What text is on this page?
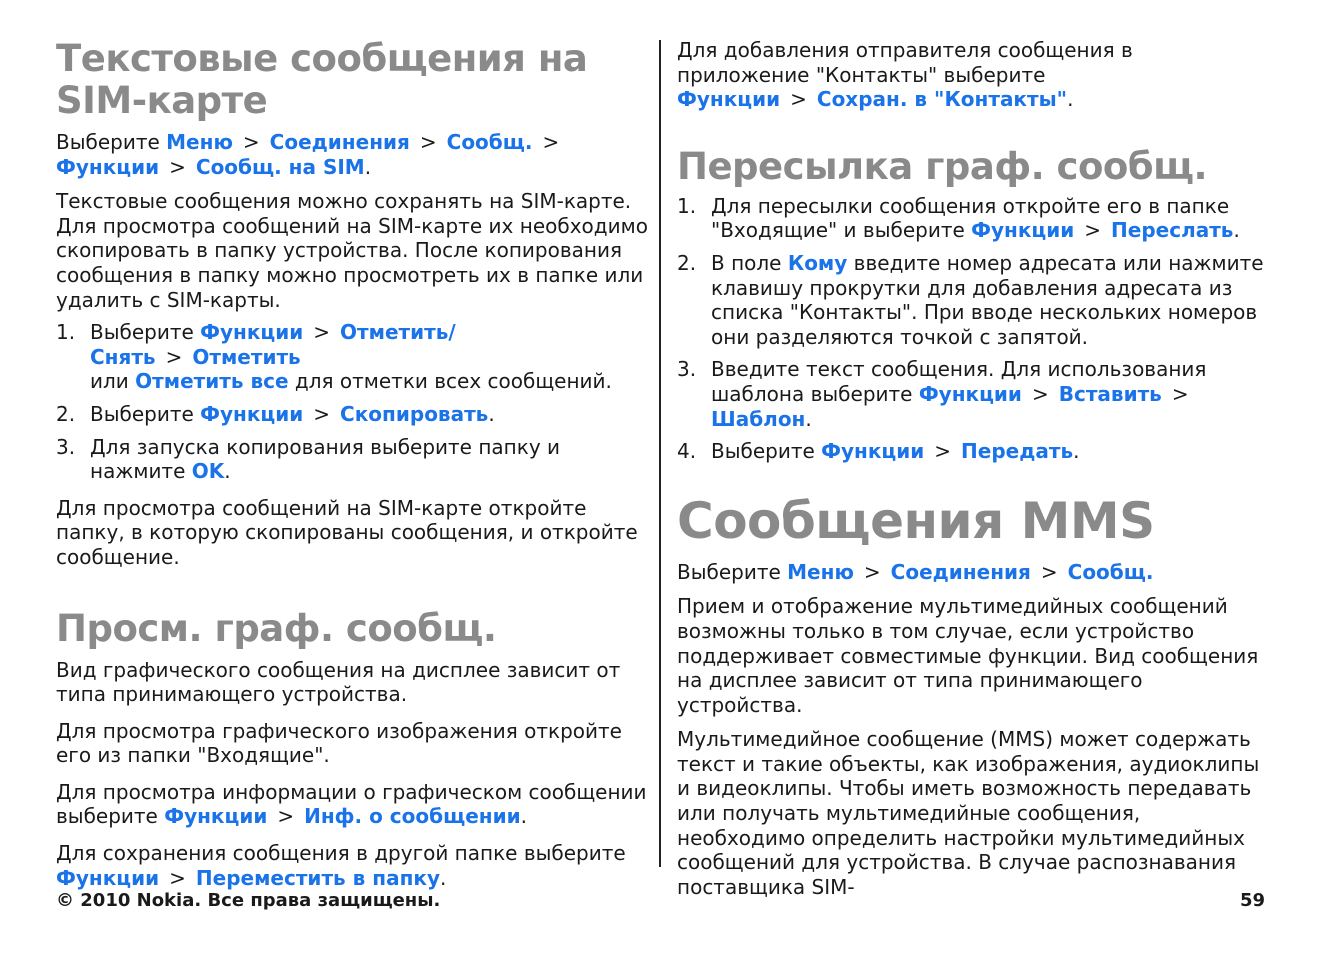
Текстовые сообщения на SIM-карте

Выберите Меню > Соединения > Сообщ. >
Функции > Сообщ. на SIM.

Текстовые сообщения можно сохранять на SIM-карте. Для просмотра сообщений на SIM-карте их необходимо скопировать в папку устройства. После копирования сообщения в папку можно просмотреть их в папке или удалить с SIM-карты.

1. Выберите Функции > Отметить/Снять > Отметить
или Отметить все для отметки всех сообщений.
2. Выберите Функции > Скопировать.
3. Для запуска копирования выберите папку и нажмите OK.

Для просмотра сообщений на SIM-карте откройте папку, в которую скопированы сообщения, и откройте сообщение.

Просм. граф. сообщ.

Вид графического сообщения на дисплее зависит от типа принимающего устройства.

Для просмотра графического изображения откройте его из папки "Входящие".

Для просмотра информации о графическом сообщении выберите Функции > Инф. о сообщении.

Для сохранения сообщения в другой папке выберите Функции > Переместить в папку.

Для добавления отправителя сообщения в приложение "Контакты" выберите Функции > Сохран. в "Контакты".

Пересылка граф. сообщ.
1. Для пересылки сообщения откройте его в папке "Входящие" и выберите Функции > Переслать.
2. В поле Кому введите номер адресата или нажмите клавишу прокрутки для добавления адресата из списка "Контакты". При вводе нескольких номеров они разделяются точкой с запятой.
3. Введите текст сообщения. Для использования шаблона выберите Функции > Вставить >
Шаблон.
4. Выберите Функции > Передать.
Сообщения MMS

Выберите Меню > Соединения > Сообщ.

Прием и отображение мультимедийных сообщений возможны только в том случае, если устройство поддерживает совместимые функции. Вид сообщения на дисплее зависит от типа принимающего устройства.

Мультимедийное сообщение (MMS) может содержать текст и такие объекты, как изображения, аудиоклипы и видеоклипы. Чтобы иметь возможность передавать или получать мультимедийные сообщения, необходимо определить настройки мультимедийных сообщений для устройства. В случае распознавания поставщика SIM-

© 2010 Nokia. Все права защищены.	59
